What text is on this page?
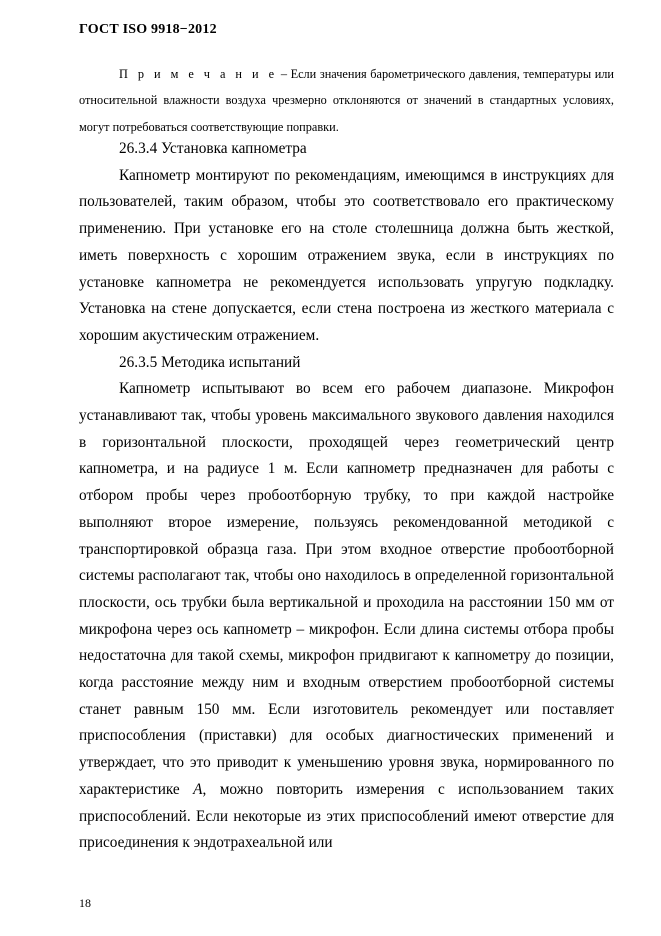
ГОСТ ISO 9918−2012
П р и м е ч а н и е – Если значения барометрического давления, температуры или относительной влажности воздуха чрезмерно отклоняются от значений в стандартных условиях, могут потребоваться соответствующие поправки.

26.3.4 Установка капнометра

Капнометр монтируют по рекомендациям, имеющимся в инструкциях для пользователей, таким образом, чтобы это соответствовало его практическому применению. При установке его на столе столешница должна быть жесткой, иметь поверхность с хорошим отражением звука, если в инструкциях по установке капнометра не рекомендуется использовать упругую подкладку. Установка на стене допускается, если стена построена из жесткого материала с хорошим акустическим отражением.

26.3.5 Методика испытаний

Капнометр испытывают во всем его рабочем диапазоне. Микрофон устанавливают так, чтобы уровень максимального звукового давления находился в горизонтальной плоскости, проходящей через геометрический центр капнометра, и на радиусе 1 м. Если капнометр предназначен для работы с отбором пробы через пробоотборную трубку, то при каждой настройке выполняют второе измерение, пользуясь рекомендованной методикой с транспортировкой образца газа. При этом входное отверстие пробоотборной системы располагают так, чтобы оно находилось в определенной горизонтальной плоскости, ось трубки была вертикальной и проходила на расстоянии 150 мм от микрофона через ось капнометр – микрофон. Если длина системы отбора пробы недостаточна для такой схемы, микрофон придвигают к капнометру до позиции, когда расстояние между ним и входным отверстием пробоотборной системы станет равным 150 мм. Если изготовитель рекомендует или поставляет приспособления (приставки) для особых диагностических применений и утверждает, что это приводит к уменьшению уровня звука, нормированного по характеристике А, можно повторить измерения с использованием таких приспособлений. Если некоторые из этих приспособлений имеют отверстие для присоединения к эндотрахеальной или

18
